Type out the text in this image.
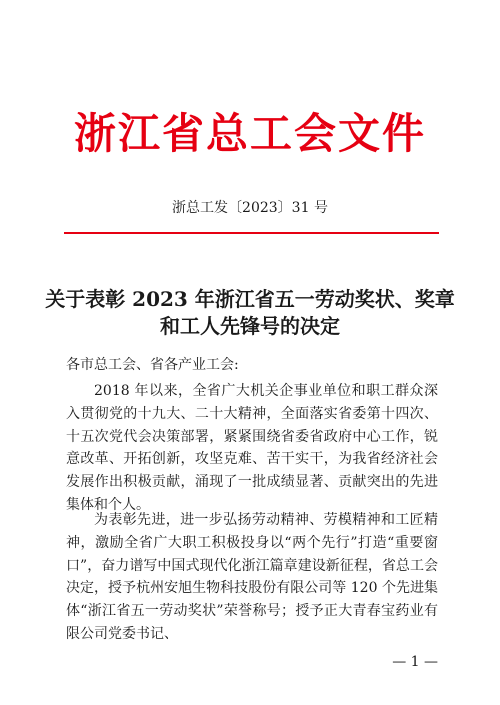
浙江省总工会文件
浙总工发〔2023〕31 号
关于表彰 2023 年浙江省五一劳动奖状、奖章
和工人先锋号的决定
各市总工会、省各产业工会:
2018 年以来，全省广大机关企事业单位和职工群众深入贯彻党的十九大、二十大精神，全面落实省委第十四次、十五次党代会决策部署，紧紧围绕省委省政府中心工作，锐意改革、开拓创新，攻坚克难、苦干实干，为我省经济社会发展作出积极贡献，涌现了一批成绩显著、贡献突出的先进集体和个人。
为表彰先进，进一步弘扬劳动精神、劳模精神和工匠精神，激励全省广大职工积极投身以“两个先行”打造“重要窗口”，奋力谱写中国式现代化浙江篇章建设新征程，省总工会决定，授予杭州安旭生物科技股份有限公司等 120 个先进集体“浙江省五一劳动奖状”荣誉称号；授予正大青春宝药业有限公司党委书记、
— 1 —
